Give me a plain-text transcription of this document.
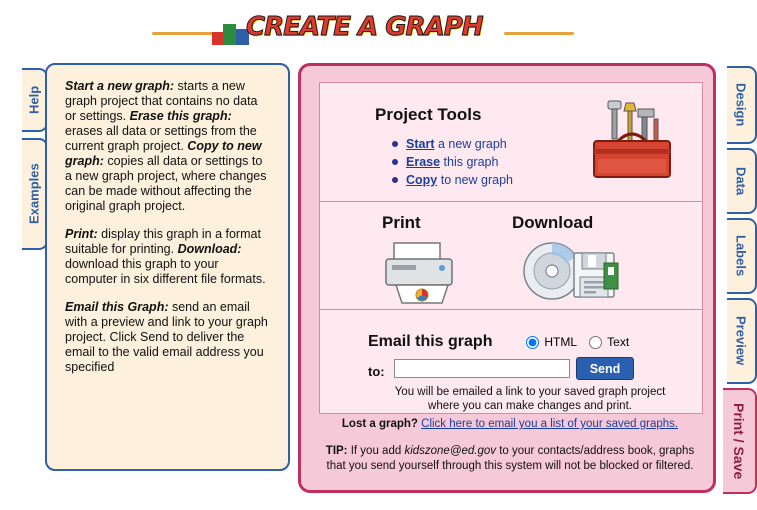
CREATE A GRAPH
Help
Examples

Start a new graph: starts a new graph project that contains no data or settings. Erase this graph: erases all data or settings from the current graph project. Copy to new graph: copies all data or settings to a new graph project, where changes can be made without affecting the original graph project.

Print: display this graph in a format suitable for printing. Download: download this graph to your computer in six different file formats.

Email this Graph: send an email with a preview and link to your graph project. Click Send to deliver the email to the valid email address you specified

Design
Data
Labels
Preview
Print / Save
Project Tools
Start a new graph
Erase this graph
Copy to new graph
Print	Download
Email this graph	HTML	Text
to:	Send
You will be emailed a link to your saved graph project where you can make changes and print.
Lost a graph? Click here to email you a list of your saved graphs.
TIP: If you add kidszone@ed.gov to your contacts/address book, graphs that you send yourself through this system will not be blocked or filtered.
